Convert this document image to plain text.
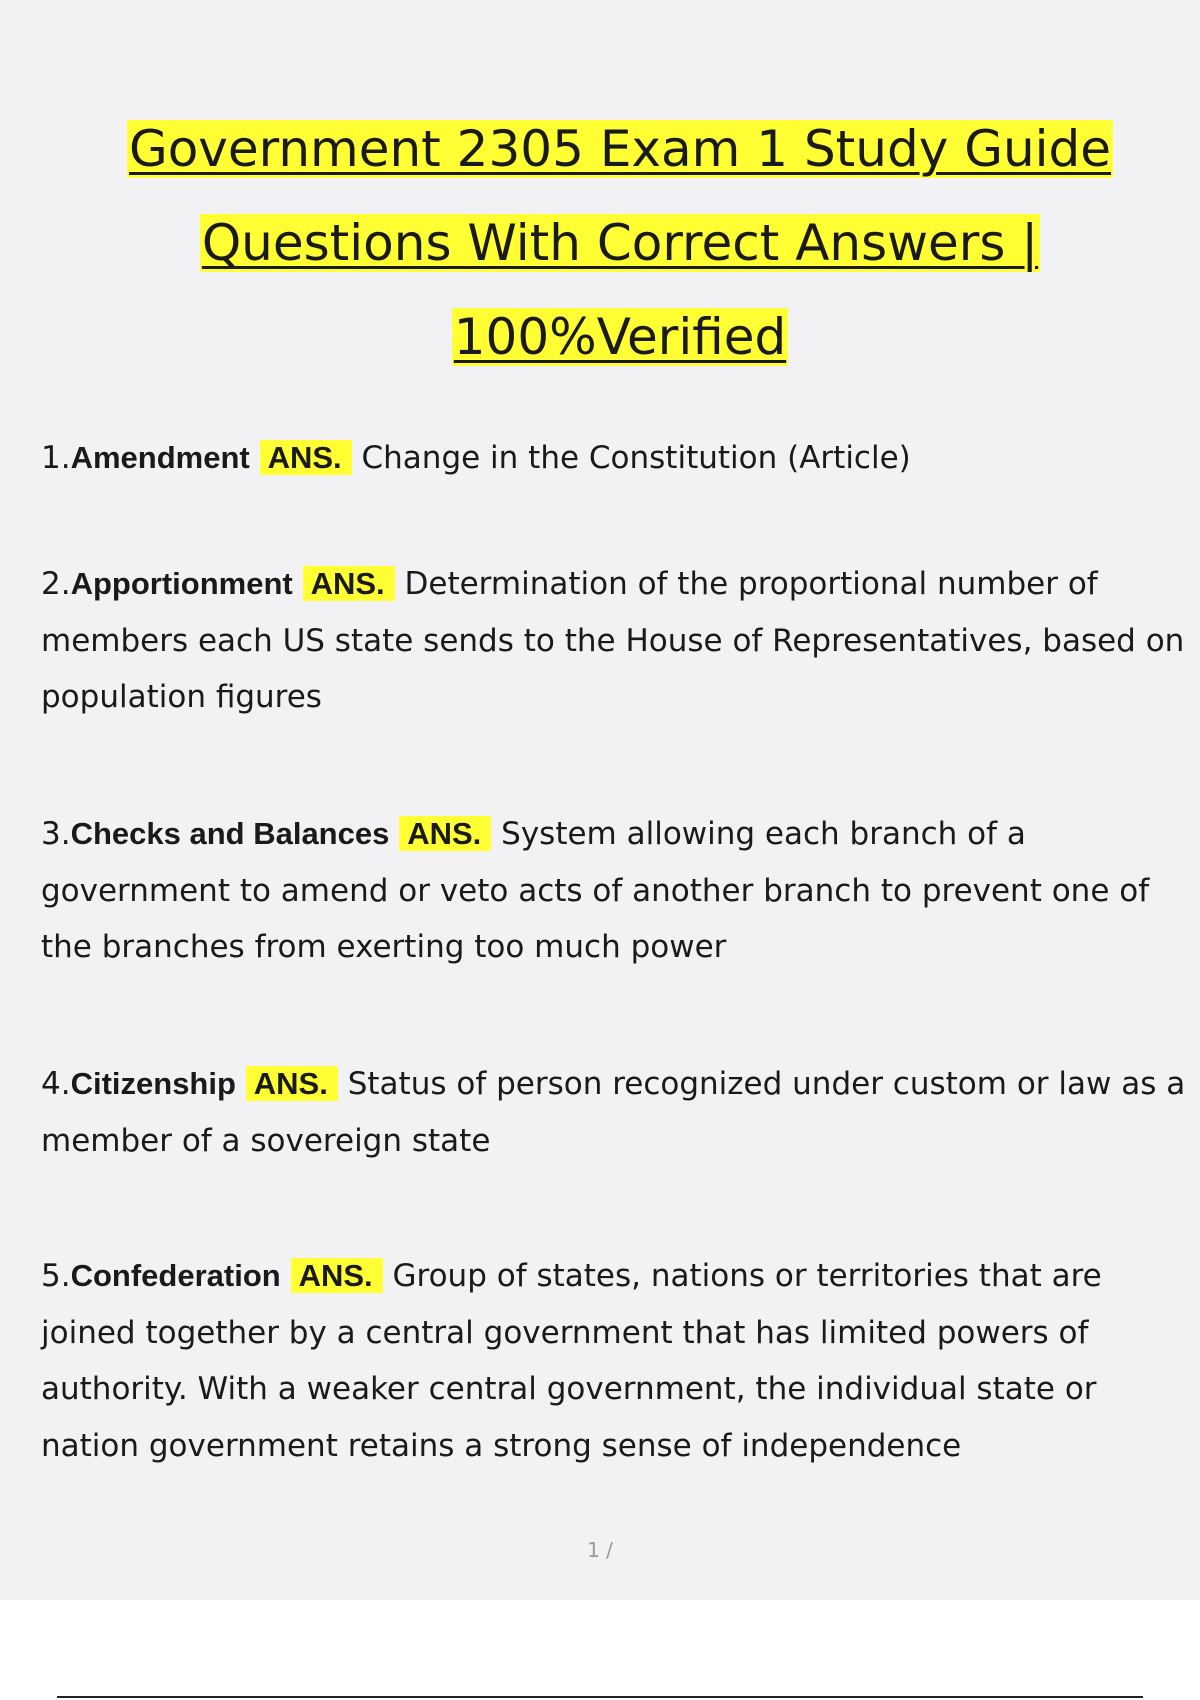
Government 2305 Exam 1 Study Guide
Questions With Correct Answers |
100%Verified
1.Amendment ANS. Change in the Constitution (Article)
2.Apportionment ANS. Determination of the proportional number of members each US state sends to the House of Representatives, based on population figures
3.Checks and Balances ANS. System allowing each branch of a government to amend or veto acts of another branch to prevent one of the branches from exerting too much power
4.Citizenship ANS. Status of person recognized under custom or law as a member of a sovereign state
5.Confederation ANS. Group of states, nations or territories that are joined together by a central government that has limited powers of authority. With a weaker central government, the individual state or nation government retains a strong sense of independence
1 /
